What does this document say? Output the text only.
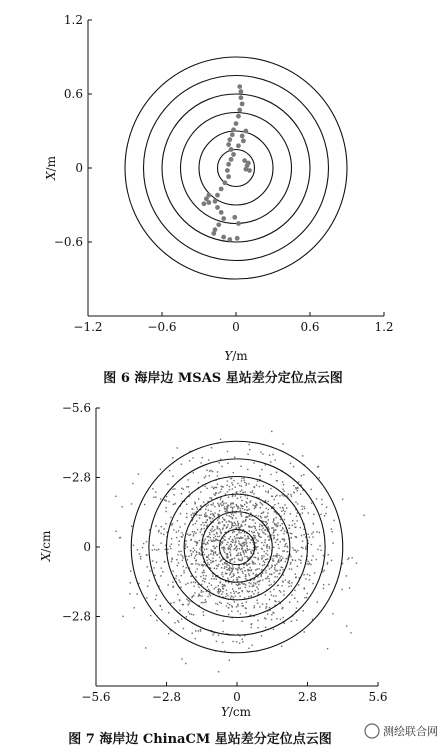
−1.2	−0.6	0	0.6	1.2
1.2
0.6
0
−0.6
Y/m
X/m
图 6 海岸边 MSAS 星站差分定位点云图
−5.6	−2.8	0	2.8	5.6
−5.6
−2.8
0
−2.8
Y/cm
X/cm
图 7 海岸边 ChinaCM 星站差分定位点云图
测绘联合网
